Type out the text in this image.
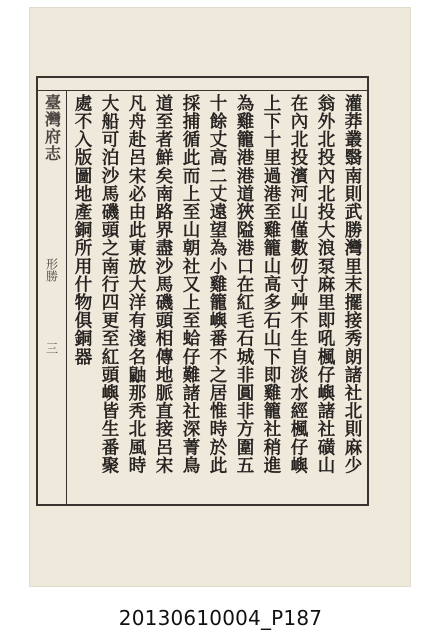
臺灣府志
形勝
三	灌莽叢翳南則武勝灣里末擺接秀朗諸社北則麻少
翁外北投內北投大浪泵麻里即吼楓仔嶼諸社磺山
在內北投濱河山僅數仞寸艸不生自淡水經楓仔嶼
上下十里過港至雞籠山高多石山下即雞籠社稍進
為雞籠港港道狹隘港口在紅毛石城非圓非方圍五
十餘丈高二丈遠望為小雞籠嶼番不之居惟時於此
採捕循此而上至山朝社又上至蛤仔難諸社深菁鳥
道至者鮮矣南路界盡沙馬磯頭相傳地脈直接呂宋
凡舟赴呂宋必由此東放大洋有淺名鼬那秃北風時
大船可泊沙馬磯頭之南行四更至紅頭嶼皆生番聚
處不入版圖地產銅所用什物俱銅器
20130610004_P187
